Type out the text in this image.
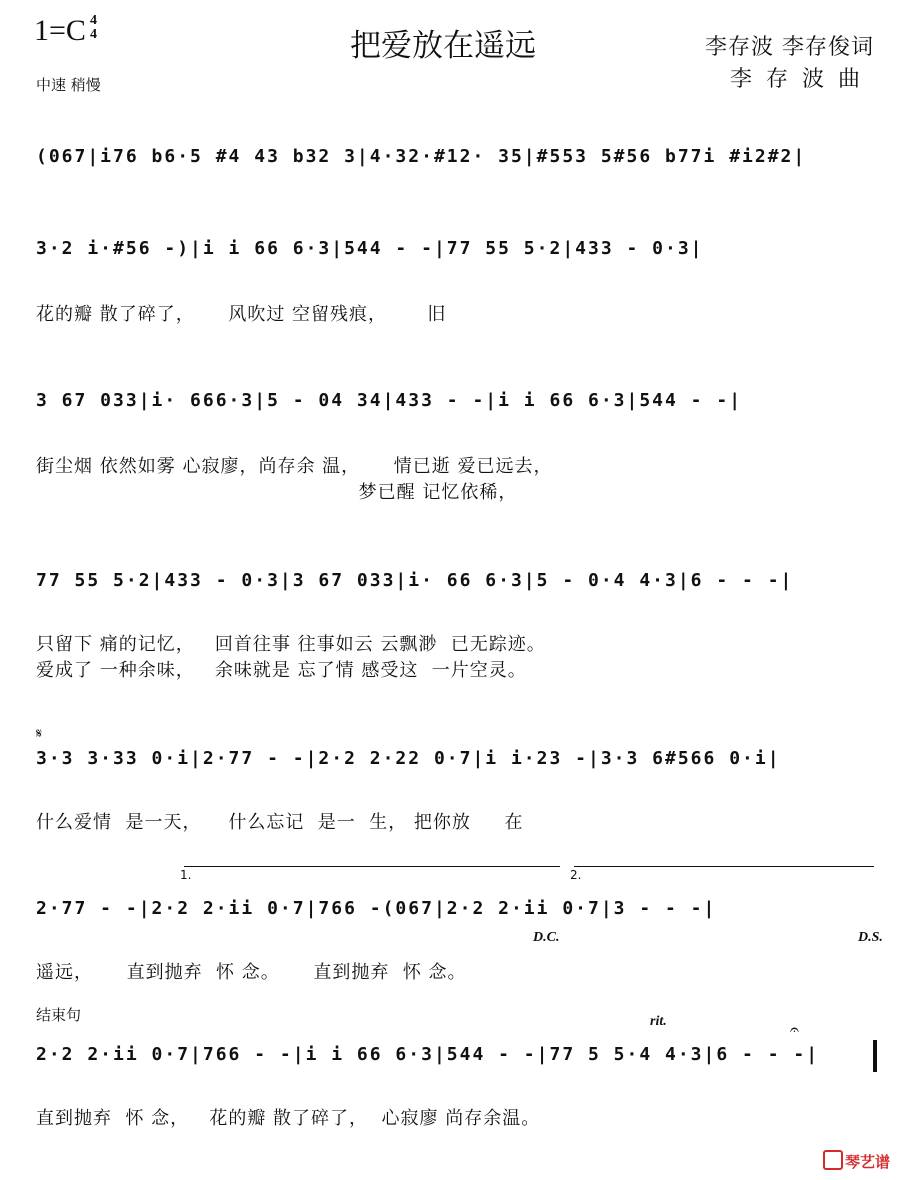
1=C 4
4	把爱放在遥远	李存波 李存俊词
李存波曲
中速 稍慢
(067|i76 b6·5 #4 43 b32 3|4·32·#12· 35|#553 5#56 b77i #i2#2|
3·2 i·#56 -)|i i 66 6·3|544 - -|77 55 5·2|433 - 0·3|
花的瓣 散了碎了，     风吹过 空留残痕，      旧
3 67 033|i· 666·3|5 - 04 34|433 - -|i i 66 6·3|544 - -|
街尘烟 依然如雾 心寂廖，尚存余 温，     情已逝 爱已远去，
梦已醒 记忆依稀，
77 55 5·2|433 - 0·3|3 67 033|i· 66 6·3|5 - 0·4 4·3|6 - - -|
只留下 痛的记忆，   回首往事 往事如云 云飘渺  已无踪迹。
爱成了 一种余味，   余味就是 忘了情 感受这  一片空灵。
𝄋
3·3 3·33 0·i|2·77 - -|2·2 2·22 0·7|i i·23 -|3·3 6#566 0·i|
什么爱情  是一天，    什么忘记  是一  生， 把你放     在
1.	2.
2·77 - -|2·2 2·ii 0·7|766 -(067|2·2 2·ii 0·7|3 - - -|
D.C.	D.S.
遥远，     直到抛弃  怀 念。     直到抛弃  怀 念。
结束句	rit.	𝄐
2·2 2·ii 0·7|766 - -|i i 66 6·3|544 - -|77 5 5·4 4·3|6 - - -|
直到抛弃  怀 念，   花的瓣 散了碎了，  心寂廖 尚存余温。
琴艺谱
